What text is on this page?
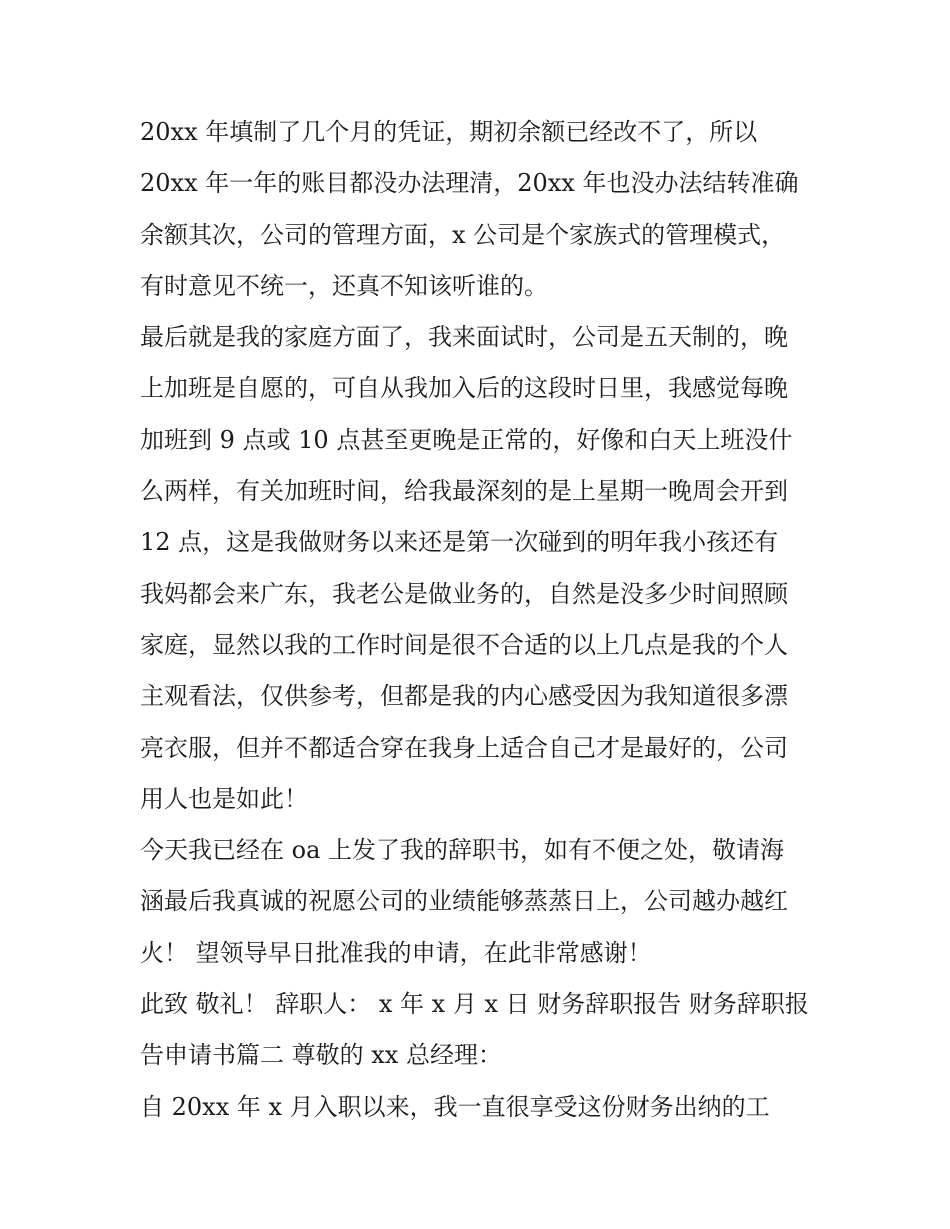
20xx 年填制了几个月的凭证，期初余额已经改不了，所以
20xx 年一年的账目都没办法理清，20xx 年也没办法结转准确
余额其次，公司的管理方面，x 公司是个家族式的管理模式，
有时意见不统一，还真不知该听谁的。
最后就是我的家庭方面了，我来面试时，公司是五天制的，晚
上加班是自愿的，可自从我加入后的这段时日里，我感觉每晚
加班到 9 点或 10 点甚至更晚是正常的，好像和白天上班没什
么两样，有关加班时间，给我最深刻的是上星期一晚周会开到
12 点，这是我做财务以来还是第一次碰到的明年我小孩还有
我妈都会来广东，我老公是做业务的，自然是没多少时间照顾
家庭，显然以我的工作时间是很不合适的以上几点是我的个人
主观看法，仅供参考，但都是我的内心感受因为我知道很多漂
亮衣服，但并不都适合穿在我身上适合自己才是最好的，公司
用人也是如此！
今天我已经在 oa 上发了我的辞职书，如有不便之处，敬请海
涵最后我真诚的祝愿公司的业绩能够蒸蒸日上，公司越办越红
火！ 望领导早日批准我的申请，在此非常感谢！
此致 敬礼！ 辞职人： x 年 x 月 x 日 财务辞职报告 财务辞职报
告申请书篇二 尊敬的 xx 总经理：
自 20xx 年 x 月入职以来，我一直很享受这份财务出纳的工
